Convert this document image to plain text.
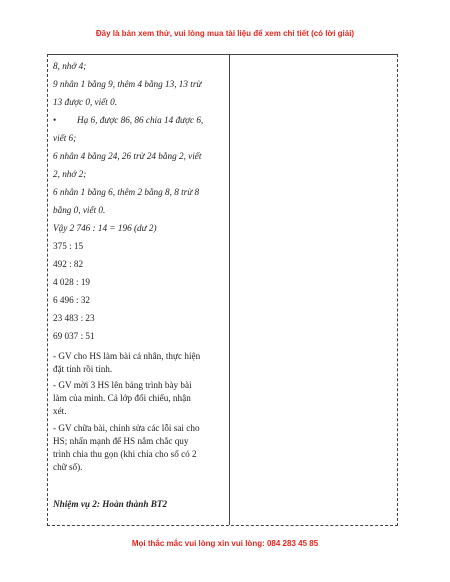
Đây là bản xem thử, vui lòng mua tài liệu để xem chi tiết (có lời giải)
8, nhớ 4;
9 nhân 1 bằng 9, thêm 4 bằng 13, 13 trừ
13 được 0, viết 0.
• Hạ 6, được 86, 86 chia 14 được 6,
viết 6;
6 nhân 4 bằng 24, 26 trừ 24 bằng 2, viết
2, nhớ 2;
6 nhân 1 bằng 6, thêm 2 bằng 8, 8 trừ 8
bằng 0, viết 0.
Vậy 2 746 : 14 = 196 (dư 2)
375 : 15
492 : 82
4 028 : 19
6 496 : 32
23 483 : 23
69 037 : 51
- GV cho HS làm bài cá nhân, thực hiện
đặt tính rồi tính.
- GV mời 3 HS lên bảng trình bày bài
làm của mình. Cả lớp đối chiếu, nhận
xét.
- GV chữa bài, chỉnh sửa các lỗi sai cho
HS; nhấn mạnh để HS nắm chắc quy
trình chia thu gọn (khi chia cho số có 2
chữ số).
Nhiệm vụ 2: Hoàn thành BT2
Mọi thắc mắc vui lòng xin vui lòng: 084 283 45 85
